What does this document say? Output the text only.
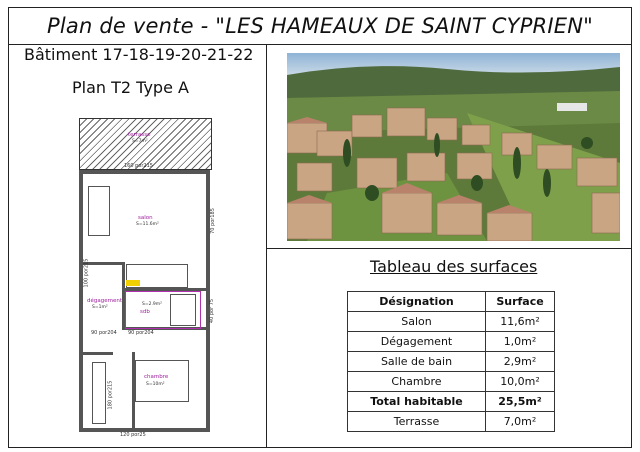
Plan de vente - "LES HAMEAUX DE SAINT CYPRIEN"
Bâtiment 17-18-19-20-21-22
Plan T2 Type A
terrasse
S=7m²
salon
S=11.6m²
dégagement
S=1m²
sdb
S=2.9m²
chambre
S=10m²
160 por215
70 por185
100 por215
40 por 75
90 por204 90 por204
180 por215
120 por25
Tableau des surfaces
Désignation	Surface
Salon	11,6m²
Dégagement	1,0m²
Salle de bain	2,9m²
Chambre	10,0m²
Total habitable	25,5m²
Terrasse	7,0m²
